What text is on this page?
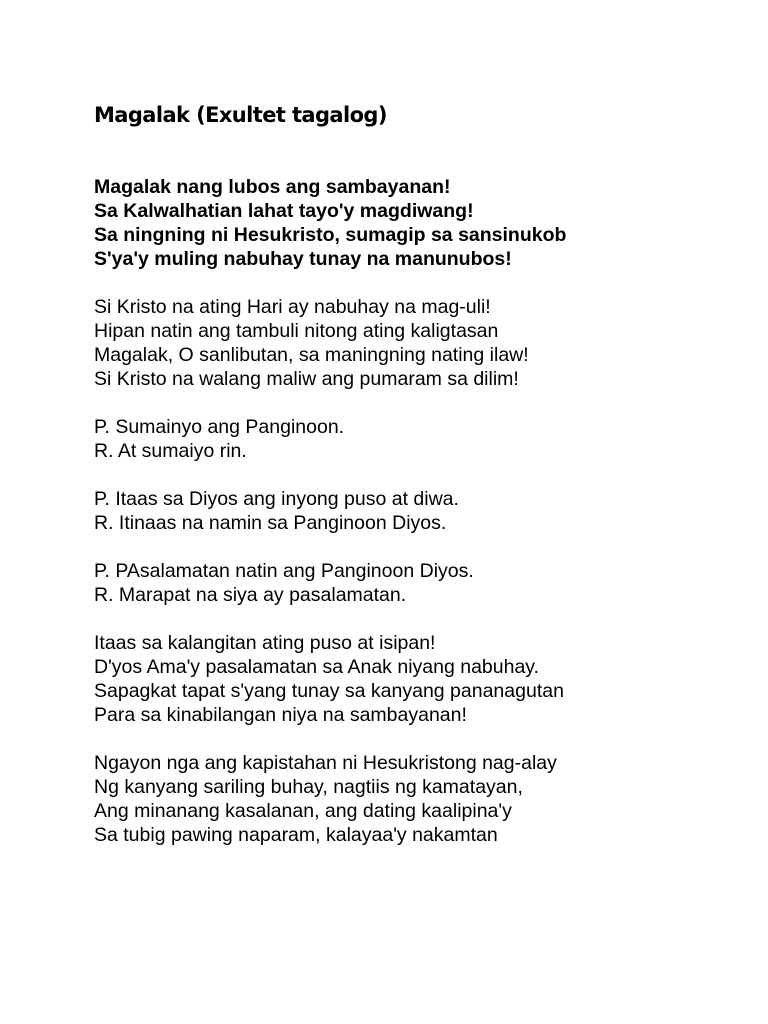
Magalak (Exultet tagalog)
Magalak nang lubos ang sambayanan!
Sa Kalwalhatian lahat tayo'y magdiwang!
Sa ningning ni Hesukristo, sumagip sa sansinukob
S'ya'y muling nabuhay tunay na manunubos!
Si Kristo na ating Hari ay nabuhay na mag-uli!
Hipan natin ang tambuli nitong ating kaligtasan
Magalak, O sanlibutan, sa maningning nating ilaw!
Si Kristo na walang maliw ang pumaram sa dilim!
P. Sumainyo ang Panginoon.
R. At sumaiyo rin.
P. Itaas sa Diyos ang inyong puso at diwa.
R. Itinaas na namin sa Panginoon Diyos.
P. PAsalamatan natin ang Panginoon Diyos.
R. Marapat na siya ay pasalamatan.
Itaas sa kalangitan ating puso at isipan!
D'yos Ama'y pasalamatan sa Anak niyang nabuhay.
Sapagkat tapat s'yang tunay sa kanyang pananagutan
Para sa kinabilangan niya na sambayanan!
Ngayon nga ang kapistahan ni Hesukristong nag-alay
Ng kanyang sariling buhay, nagtiis ng kamatayan,
Ang minanang kasalanan, ang dating kaalipina'y
Sa tubig pawing naparam, kalayaa'y nakamtan
